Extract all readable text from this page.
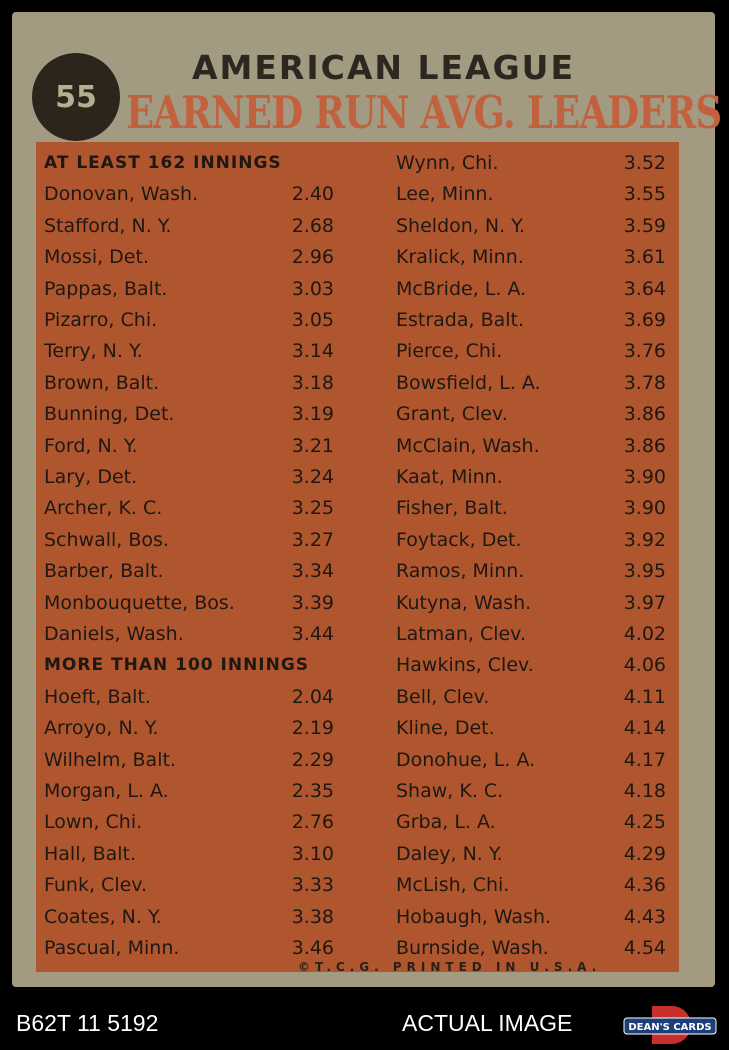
55
AMERICAN LEAGUE
EARNED RUN AVG. LEADERS
AT LEAST 162 INNINGS
Donovan, Wash.	2.40
Stafford, N. Y.	2.68
Mossi, Det.	2.96
Pappas, Balt.	3.03
Pizarro, Chi.	3.05
Terry, N. Y.	3.14
Brown, Balt.	3.18
Bunning, Det.	3.19
Ford, N. Y.	3.21
Lary, Det.	3.24
Archer, K. C.	3.25
Schwall, Bos.	3.27
Barber, Balt.	3.34
Monbouquette, Bos.	3.39
Daniels, Wash.	3.44
MORE THAN 100 INNINGS
Hoeft, Balt.	2.04
Arroyo, N. Y.	2.19
Wilhelm, Balt.	2.29
Morgan, L. A.	2.35
Lown, Chi.	2.76
Hall, Balt.	3.10
Funk, Clev.	3.33
Coates, N. Y.	3.38
Pascual, Minn.	3.46
Wynn, Chi.	3.52
Lee, Minn.	3.55
Sheldon, N. Y.	3.59
Kralick, Minn.	3.61
McBride, L. A.	3.64
Estrada, Balt.	3.69
Pierce, Chi.	3.76
Bowsfield, L. A.	3.78
Grant, Clev.	3.86
McClain, Wash.	3.86
Kaat, Minn.	3.90
Fisher, Balt.	3.90
Foytack, Det.	3.92
Ramos, Minn.	3.95
Kutyna, Wash.	3.97
Latman, Clev.	4.02
Hawkins, Clev.	4.06
Bell, Clev.	4.11
Kline, Det.	4.14
Donohue, L. A.	4.17
Shaw, K. C.	4.18
Grba, L. A.	4.25
Daley, N. Y.	4.29
McLish, Chi.	4.36
Hobaugh, Wash.	4.43
Burnside, Wash.	4.54
©T.C.G. PRINTED IN U.S.A.
B62T 11 5192	ACTUAL IMAGE	DEAN'S CARDS
